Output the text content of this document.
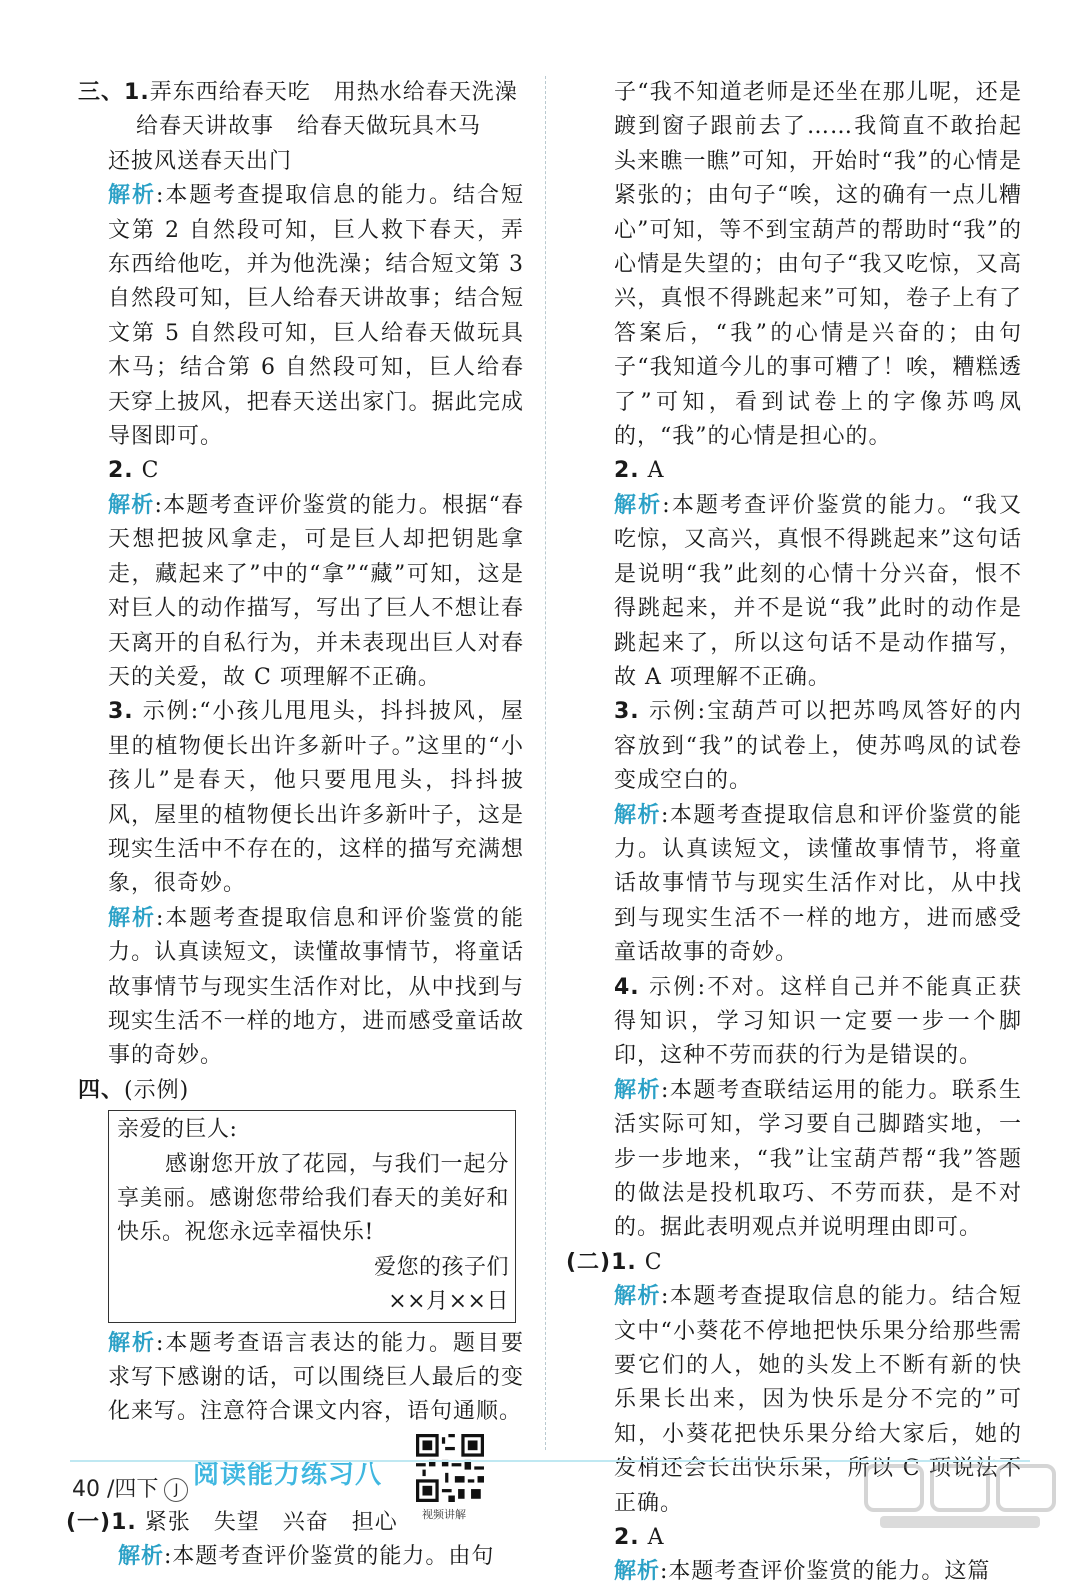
三、1.弄东西给春天吃　用热水给春天洗澡
给春天讲故事　给春天做玩具木马
还披风送春天出门
解析:本题考查提取信息的能力。结合短文第 2 自然段可知，巨人救下春天，弄东西给他吃，并为他洗澡；结合短文第 3 自然段可知，巨人给春天讲故事；结合短文第 5 自然段可知，巨人给春天做玩具木马；结合第 6 自然段可知，巨人给春天穿上披风，把春天送出家门。据此完成导图即可。
2. C
解析:本题考查评价鉴赏的能力。根据“春天想把披风拿走，可是巨人却把钥匙拿走，藏起来了”中的“拿”“藏”可知，这是对巨人的动作描写，写出了巨人不想让春天离开的自私行为，并未表现出巨人对春天的关爱，故 C 项理解不正确。
3. 示例:“小孩儿甩甩头，抖抖披风，屋里的植物便长出许多新叶子。”这里的“小孩儿”是春天，他只要甩甩头，抖抖披风，屋里的植物便长出许多新叶子，这是现实生活中不存在的，这样的描写充满想象，很奇妙。
解析:本题考查提取信息和评价鉴赏的能力。认真读短文，读懂故事情节，将童话故事情节与现实生活作对比，从中找到与现实生活不一样的地方，进而感受童话故事的奇妙。
四、(示例)
亲爱的巨人:
感谢您开放了花园，与我们一起分享美丽。感谢您带给我们春天的美好和快乐。祝您永远幸福快乐!
爱您的孩子们
××月××日
解析:本题考查语言表达的能力。题目要求写下感谢的话，可以围绕巨人最后的变化来写。注意符合课文内容，语句通顺。
阅读能力练习八
视频讲解
(一)1. 紧张　失望　兴奋　担心
解析:本题考查评价鉴赏的能力。由句
子“我不知道老师是还坐在那儿呢，还是踱到窗子跟前去了……我简直不敢抬起头来瞧一瞧”可知，开始时“我”的心情是紧张的；由句子“唉，这的确有一点儿糟心”可知，等不到宝葫芦的帮助时“我”的心情是失望的；由句子“我又吃惊，又高兴，真恨不得跳起来”可知，卷子上有了答案后，“我”的心情是兴奋的；由句子“我知道今儿的事可糟了！唉，糟糕透了”可知，看到试卷上的字像苏鸣凤的，“我”的心情是担心的。
2. A
解析:本题考查评价鉴赏的能力。“我又吃惊，又高兴，真恨不得跳起来”这句话是说明“我”此刻的心情十分兴奋，恨不得跳起来，并不是说“我”此时的动作是跳起来了，所以这句话不是动作描写，故 A 项理解不正确。
3. 示例:宝葫芦可以把苏鸣凤答好的内容放到“我”的试卷上，使苏鸣凤的试卷变成空白的。
解析:本题考查提取信息和评价鉴赏的能力。认真读短文，读懂故事情节，将童话故事情节与现实生活作对比，从中找到与现实生活不一样的地方，进而感受童话故事的奇妙。
4. 示例:不对。这样自己并不能真正获得知识，学习知识一定要一步一个脚印，这种不劳而获的行为是错误的。
解析:本题考查联结运用的能力。联系生活实际可知，学习要自己脚踏实地，一步一步地来，“我”让宝葫芦帮“我”答题的做法是投机取巧、不劳而获，是不对的。据此表明观点并说明理由即可。
(二)1. C
解析:本题考查提取信息的能力。结合短文中“小葵花不停地把快乐果分给那些需要它们的人，她的头发上不断有新的快乐果长出来，因为快乐是分不完的”可知，小葵花把快乐果分给大家后，她的发梢还会长出快乐果，所以 C 项说法不正确。
2. A
解析:本题考查评价鉴赏的能力。这篇
40 /四下 J
